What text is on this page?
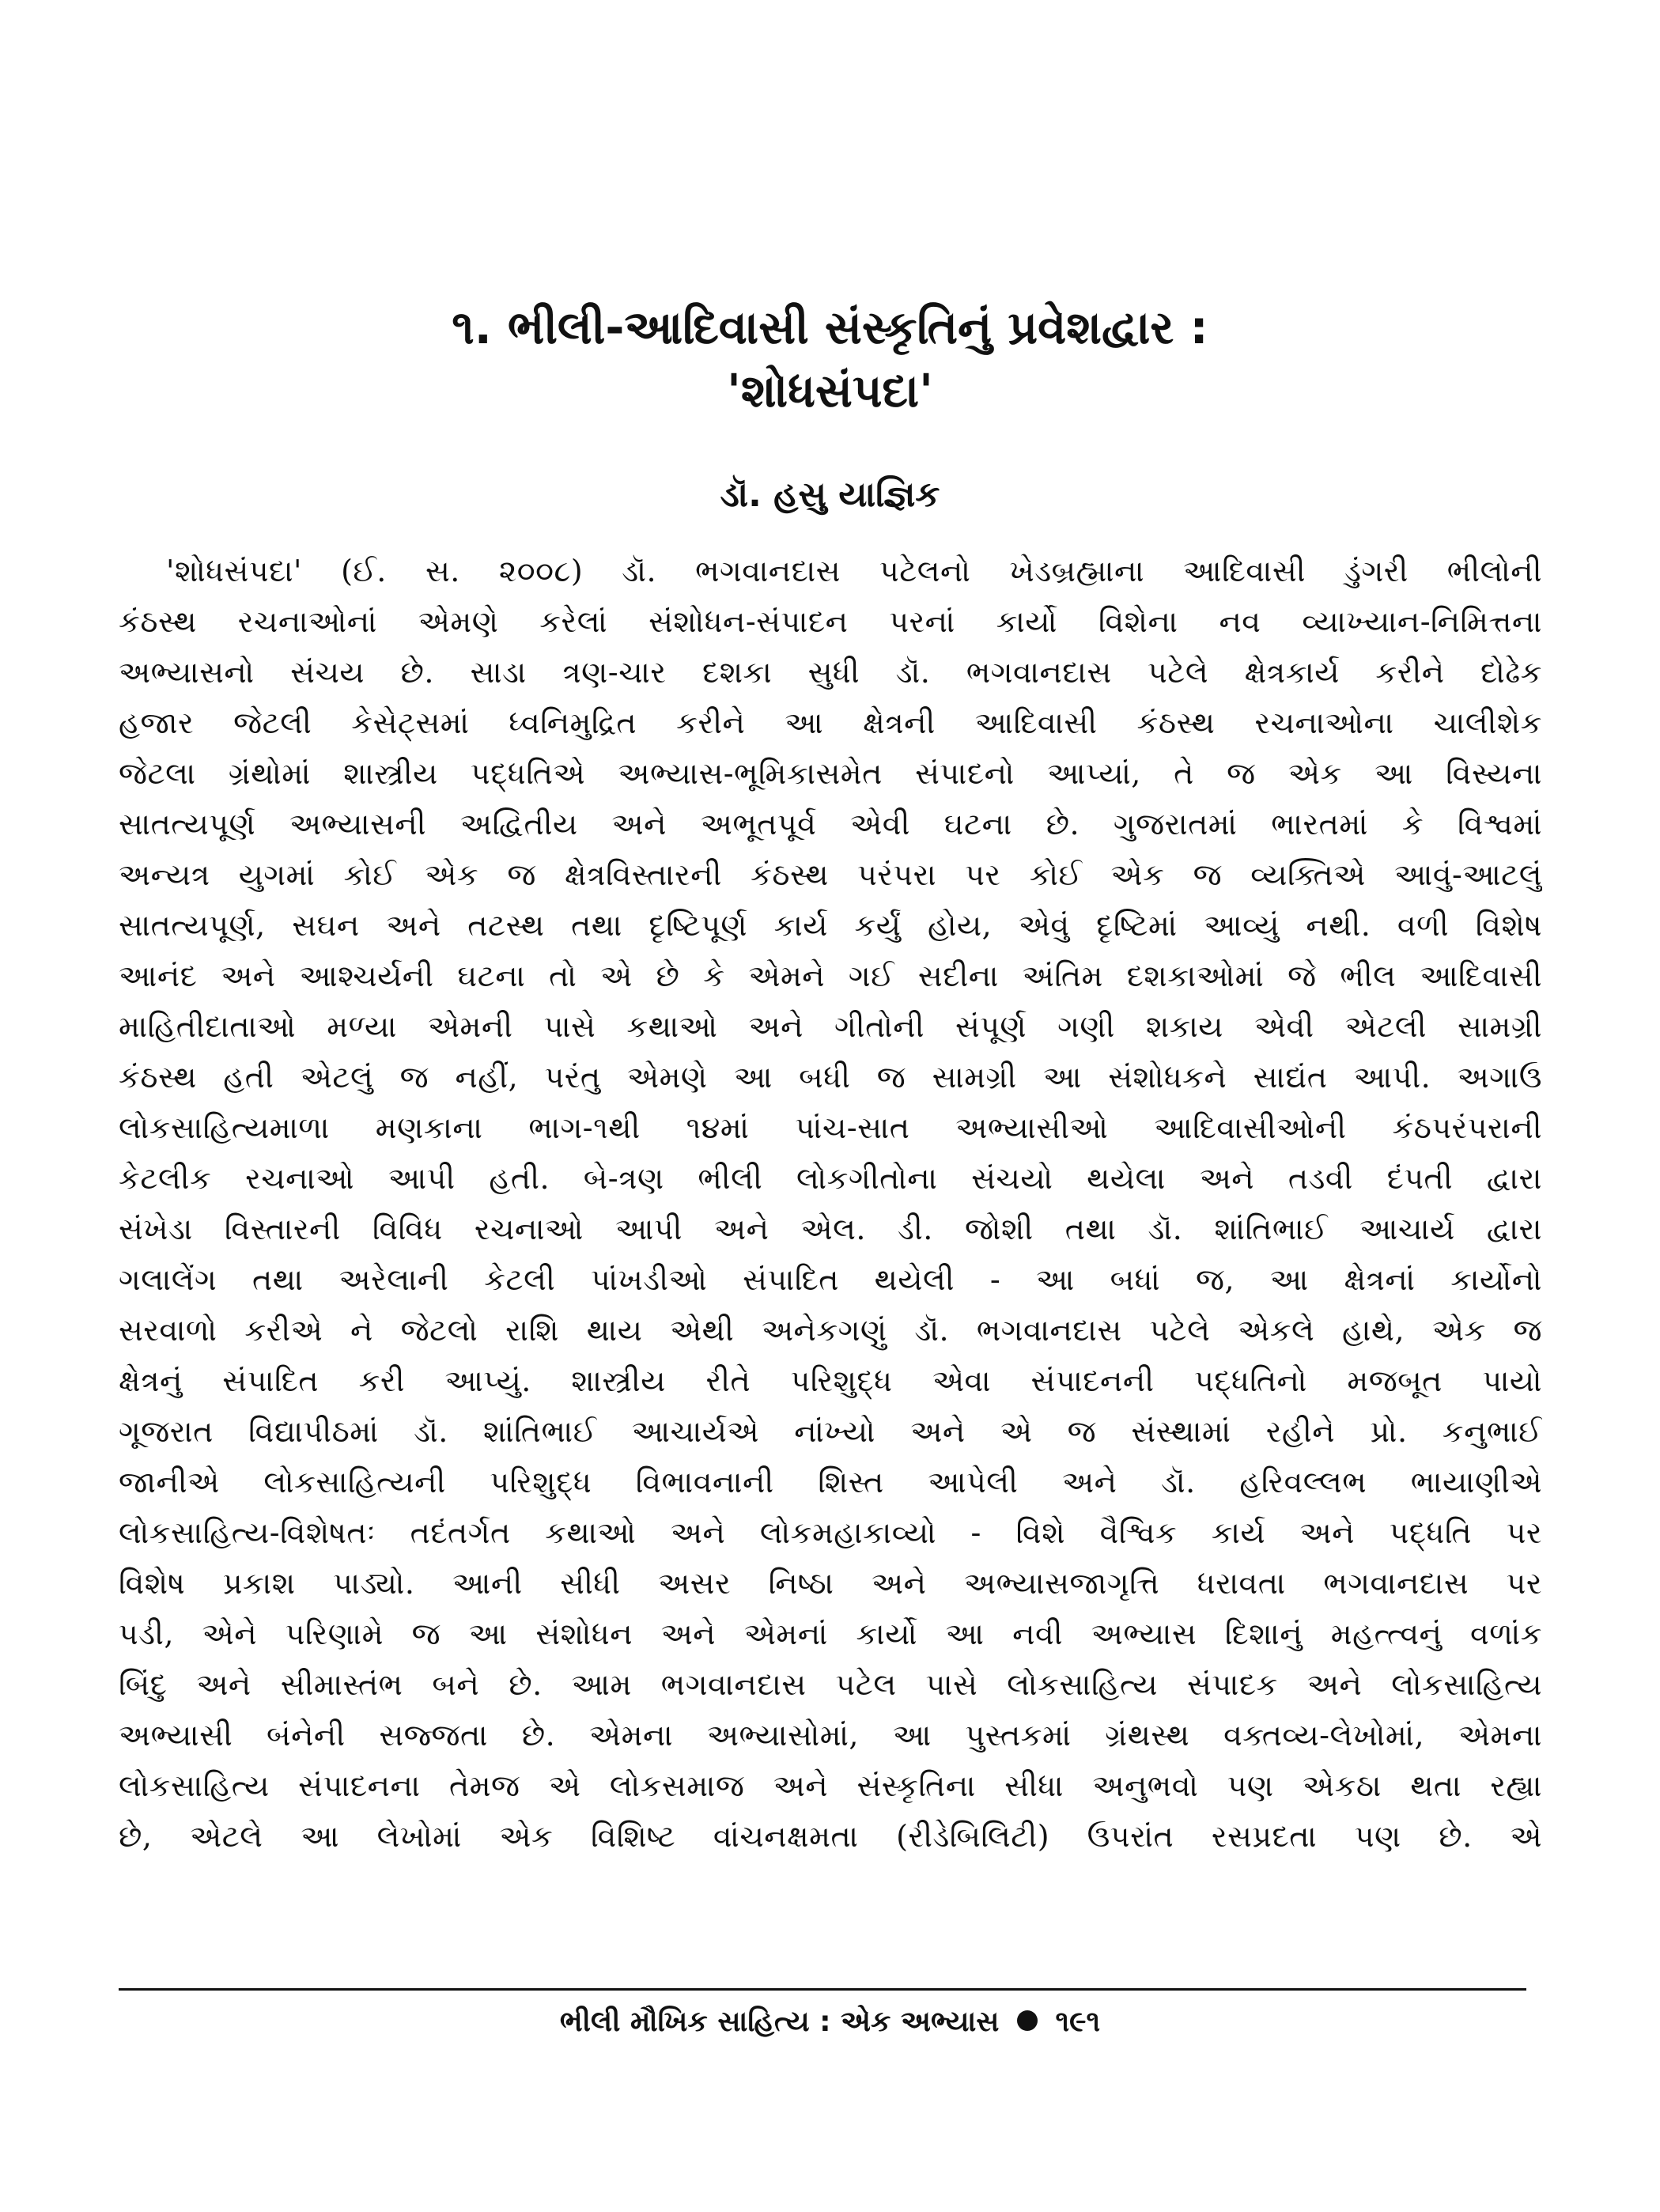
૧. ભીલી-આદિવાસી સંસ્કૃતિનું પ્રવેશદ્વાર :
'શોધસંપદા'
ડૉ. હસુ યાજ્ઞિક
'શોધસંપદા' (ઈ. સ. ૨૦૦૮) ડૉ. ભગવાનદાસ પટેલનો ખેડબ્રહ્માના આદિવાસી ડુંગરી ભીલોની
કંઠસ્થ રચનાઓનાં એમણે કરેલાં સંશોધન-સંપાદન પરનાં કાર્યો વિશેના નવ વ્યાખ્યાન-નિમિત્તના
અભ્યાસનો સંચય છે. સાડા ત્રણ-ચાર દશકા સુધી ડૉ. ભગવાનદાસ પટેલે ક્ષેત્રકાર્ય કરીને દોઢેક
હજાર જેટલી કેસેટ્સમાં ધ્વનિમુદ્રિત કરીને આ ક્ષેત્રની આદિવાસી કંઠસ્થ રચનાઓના ચાલીશેક
જેટલા ગ્રંથોમાં શાસ્ત્રીય પદ્ધતિએ અભ્યાસ-ભૂમિકાસમેત સંપાદનો આપ્યાં, તે જ એક આ વિસ્યના
સાતત્યપૂર્ણ અભ્યાસની અદ્વિતીય અને અભૂતપૂર્વ એવી ઘટના છે. ગુજરાતમાં ભારતમાં કે વિશ્વમાં
અન્યત્ર યુગમાં કોઈ એક જ ક્ષેત્રવિસ્તારની કંઠસ્થ પરંપરા પર કોઈ એક જ વ્યક્તિએ આવું-આટલું
સાતત્યપૂર્ણ, સઘન અને તટસ્થ તથા દૃષ્ટિપૂર્ણ કાર્ય કર્યું હોય, એવું દૃષ્ટિમાં આવ્યું નથી. વળી વિશેષ
આનંદ અને આશ્ચર્યની ઘટના તો એ છે કે એમને ગઈ સદીના અંતિમ દશકાઓમાં જે ભીલ આદિવાસી
માહિતીદાતાઓ મળ્યા એમની પાસે કથાઓ અને ગીતોની સંપૂર્ણ ગણી શકાય એવી એટલી સામગ્રી
કંઠસ્થ હતી એટલું જ નહીં, પરંતુ એમણે આ બધી જ સામગ્રી આ સંશોધકને સાદ્યંત આપી. અગાઉ
લોકસાહિત્યમાળા મણકાના ભાગ-૧થી ૧૪માં પાંચ-સાત અભ્યાસીઓ આદિવાસીઓની કંઠપરંપરાની
કેટલીક રચનાઓ આપી હતી. બે-ત્રણ ભીલી લોકગીતોના સંચયો થયેલા અને તડવી દંપતી દ્વારા
સંખેડા વિસ્તારની વિવિધ રચનાઓ આપી અને એલ. ડી. જોશી તથા ડૉ. શાંતિભાઈ આચાર્ય દ્વારા
ગલાલેંગ તથા અરેલાની કેટલી પાંખડીઓ સંપાદિત થયેલી - આ બધાં જ, આ ક્ષેત્રનાં કાર્યોનો
સરવાળો કરીએ ને જેટલો રાશિ થાય એથી અનેકગણું ડૉ. ભગવાનદાસ પટેલે એકલે હાથે, એક જ
ક્ષેત્રનું સંપાદિત કરી આપ્યું. શાસ્ત્રીય રીતે પરિશુદ્ધ એવા સંપાદનની પદ્ધતિનો મજબૂત પાયો
ગૂજરાત વિદ્યાપીઠમાં ડૉ. શાંતિભાઈ આચાર્યએ નાંખ્યો અને એ જ સંસ્થામાં રહીને પ્રો. કનુભાઈ
જાનીએ લોકસાહિત્યની પરિશુદ્ધ વિભાવનાની શિસ્ત આપેલી અને ડૉ. હરિવલ્લભ ભાયાણીએ
લોકસાહિત્ય-વિશેષતઃ તદંતર્ગત કથાઓ અને લોકમહાકાવ્યો - વિશે વૈશ્વિક કાર્ય અને પદ્ધતિ પર
વિશેષ પ્રકાશ પાડ્યો. આની સીધી અસર નિષ્ઠા અને અભ્યાસજાગૃત્તિ ધરાવતા ભગવાનદાસ પર
પડી, એને પરિણામે જ આ સંશોધન અને એમનાં કાર્યો આ નવી અભ્યાસ દિશાનું મહત્ત્વનું વળાંક
બિંદુ અને સીમાસ્તંભ બને છે. આમ ભગવાનદાસ પટેલ પાસે લોકસાહિત્ય સંપાદક અને લોકસાહિત્ય
અભ્યાસી બંનેની સજ્જતા છે. એમના અભ્યાસોમાં, આ પુસ્તકમાં ગ્રંથસ્થ વક્તવ્ય-લેખોમાં, એમના
લોકસાહિત્ય સંપાદનના તેમજ એ લોકસમાજ અને સંસ્કૃતિના સીધા અનુભવો પણ એકઠા થતા રહ્યા
છે, એટલે આ લેખોમાં એક વિશિષ્ટ વાંચનક્ષમતા (રીડેબિલિટી) ઉપરાંત રસપ્રદતા પણ છે. એ
ભીલી મૌખિક સાહિત્ય : એક અભ્યાસ ૧૯૧
